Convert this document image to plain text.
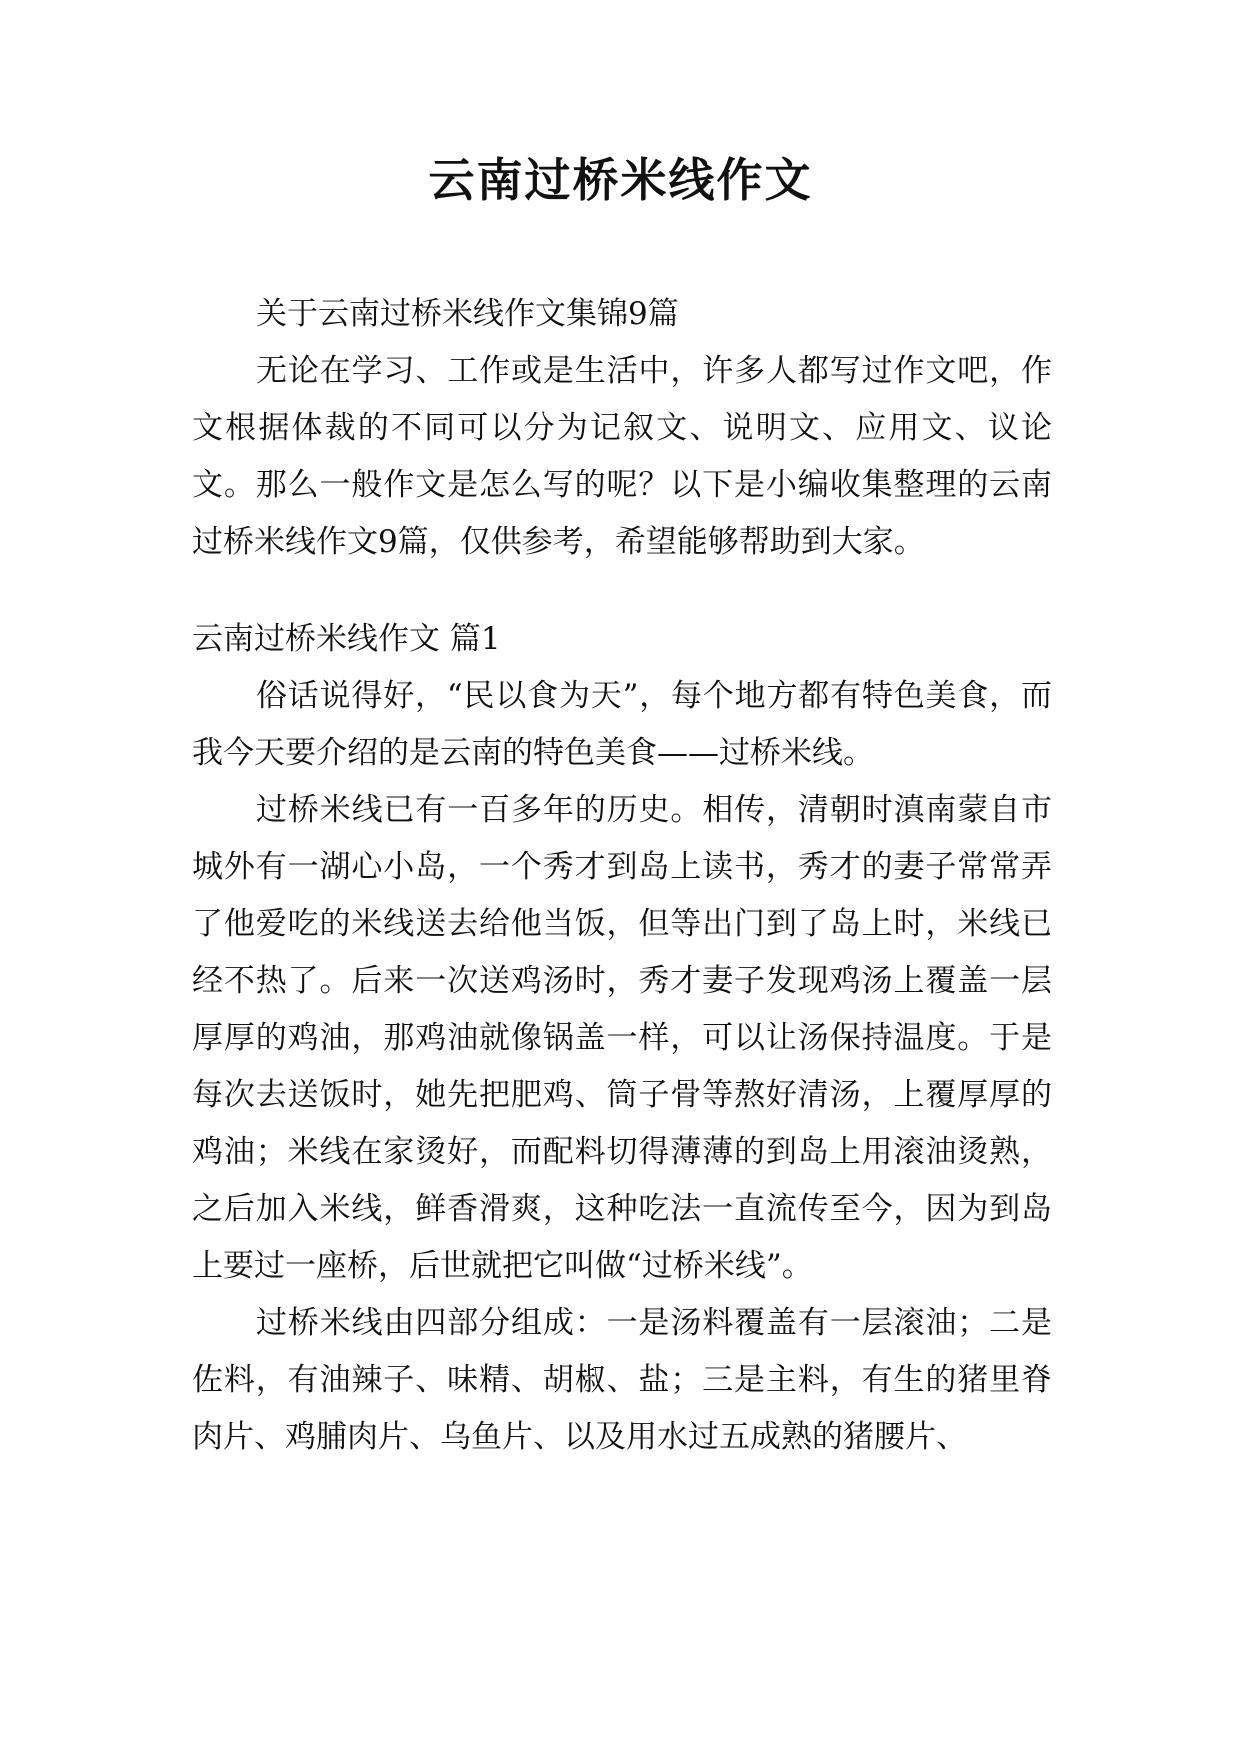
云南过桥米线作文

关于云南过桥米线作文集锦9篇

无论在学习、工作或是生活中，许多人都写过作文吧，作文根据体裁的不同可以分为记叙文、说明文、应用文、议论文。那么一般作文是怎么写的呢？以下是小编收集整理的云南过桥米线作文9篇，仅供参考，希望能够帮助到大家。

云南过桥米线作文 篇1

俗话说得好，“民以食为天”，每个地方都有特色美食，而我今天要介绍的是云南的特色美食——过桥米线。

过桥米线已有一百多年的历史。相传，清朝时滇南蒙自市城外有一湖心小岛，一个秀才到岛上读书，秀才的妻子常常弄了他爱吃的米线送去给他当饭，但等出门到了岛上时，米线已经不热了。后来一次送鸡汤时，秀才妻子发现鸡汤上覆盖一层厚厚的鸡油，那鸡油就像锅盖一样，可以让汤保持温度。于是每次去送饭时，她先把肥鸡、筒子骨等熬好清汤，上覆厚厚的鸡油；米线在家烫好，而配料切得薄薄的到岛上用滚油烫熟，之后加入米线，鲜香滑爽，这种吃法一直流传至今，因为到岛上要过一座桥，后世就把它叫做“过桥米线”。

过桥米线由四部分组成：一是汤料覆盖有一层滚油；二是佐料，有油辣子、味精、胡椒、盐；三是主料，有生的猪里脊肉片、鸡脯肉片、乌鱼片、以及用水过五成熟的猪腰片、
